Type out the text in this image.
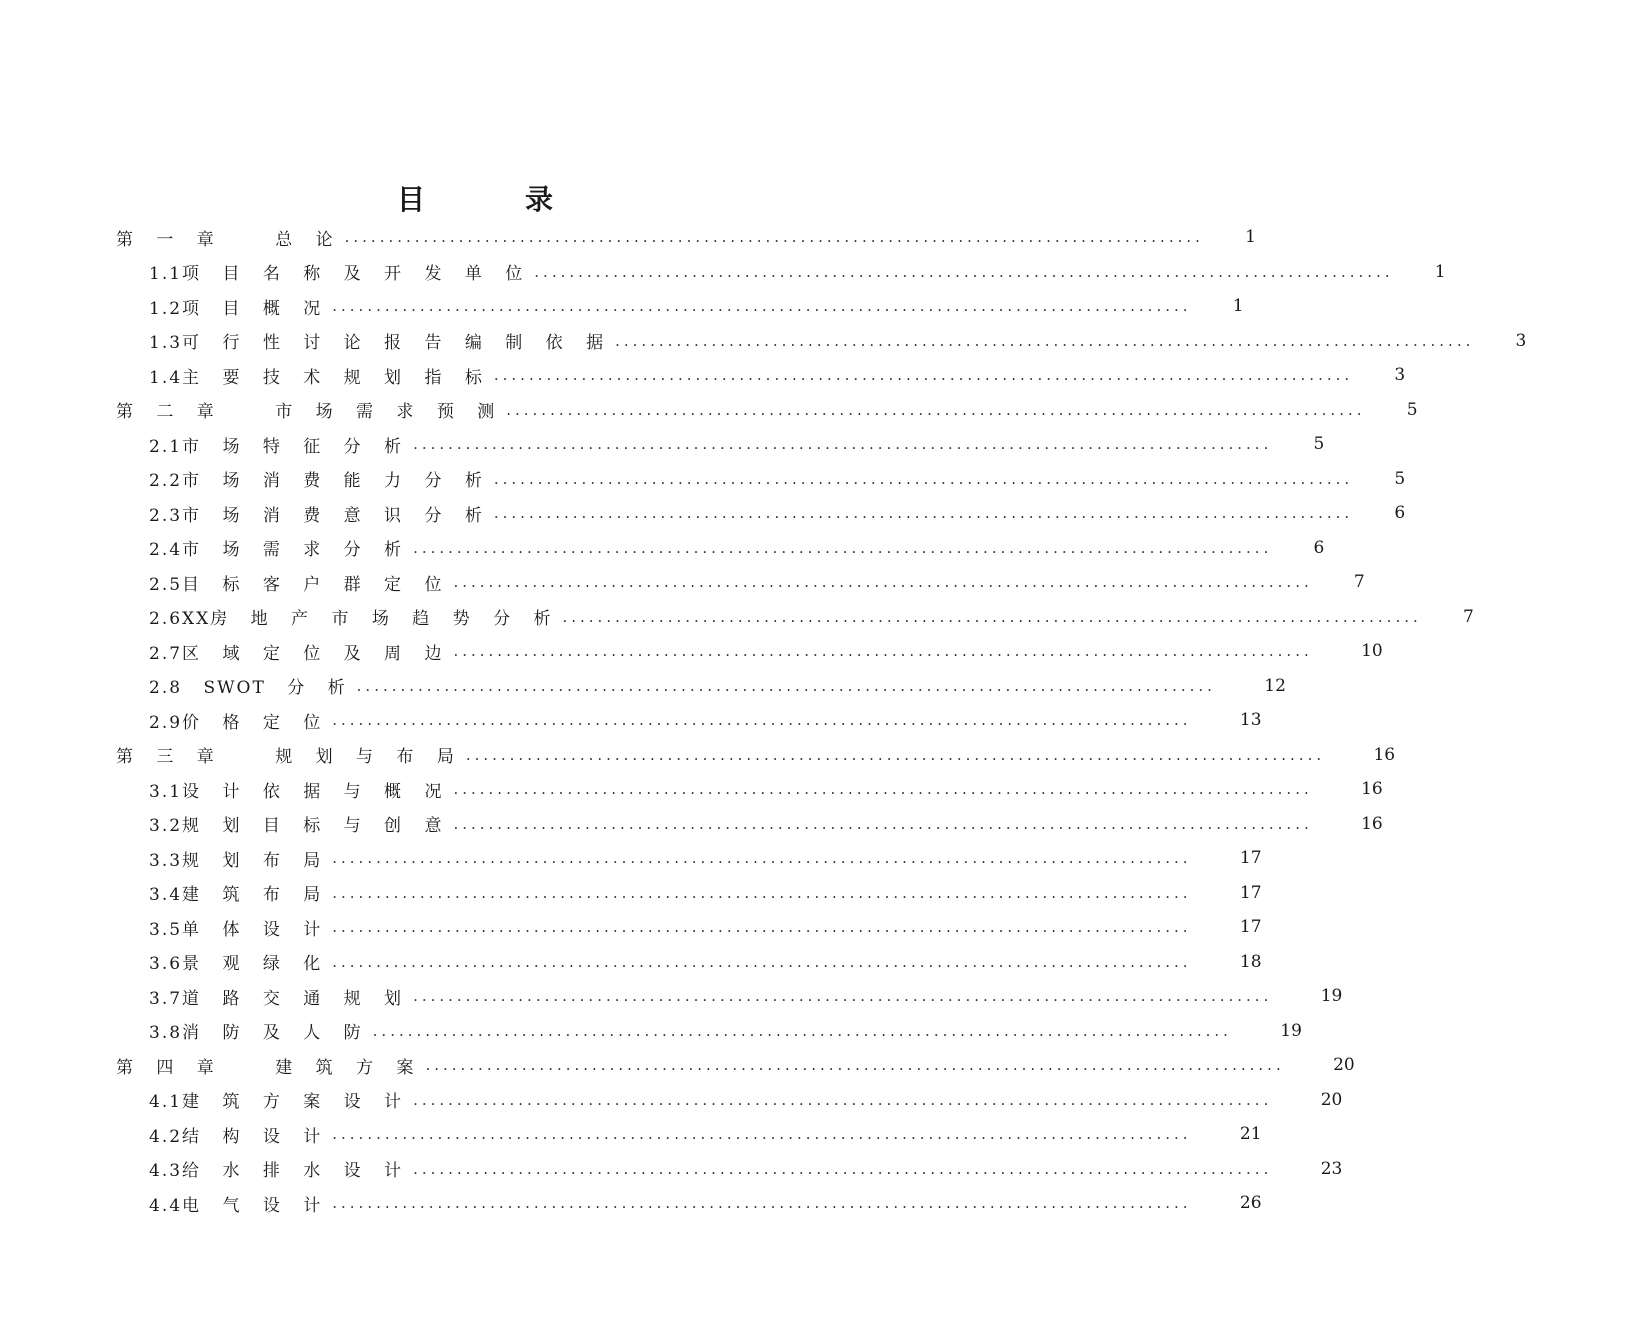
目　录
第 一 章　　 总 论 ..................................................................................................	1
1.1项 目 名 称 及 开 发 单 位 ..................................................................................................	1
1.2项 目 概 况 ..................................................................................................	1
1.3可 行 性 讨 论 报 告 编 制 依 据 ..................................................................................................	3
1.4主 要 技 术 规 划 指 标 ..................................................................................................	3
第 二 章　　 市 场 需 求 预 测 ..................................................................................................	5
2.1市 场 特 征 分 析 ..................................................................................................	5
2.2市 场 消 费 能 力 分 析 ..................................................................................................	5
2.3市 场 消 费 意 识 分 析 ..................................................................................................	6
2.4市 场 需 求 分 析 ..................................................................................................	6
2.5目 标 客 户 群 定 位 ..................................................................................................	7
2.6XX房 地 产 市 场 趋 势 分 析 ..................................................................................................	7
2.7区 域 定 位 及 周 边 ..................................................................................................	10
2.8 SWOT 分 析 ..................................................................................................	12
2.9价 格 定 位 ..................................................................................................	13
第 三 章　　 规 划 与 布 局 ..................................................................................................	16
3.1设 计 依 据 与 概 况 ..................................................................................................	16
3.2规 划 目 标 与 创 意 ..................................................................................................	16
3.3规 划 布 局 ..................................................................................................	17
3.4建 筑 布 局 ..................................................................................................	17
3.5单 体 设 计 ..................................................................................................	17
3.6景 观 绿 化 ..................................................................................................	18
3.7道 路 交 通 规 划 ..................................................................................................	19
3.8消 防 及 人 防 ..................................................................................................	19
第 四 章　　 建 筑 方 案 ..................................................................................................	20
4.1建 筑 方 案 设 计 ..................................................................................................	20
4.2结 构 设 计 ..................................................................................................	21
4.3给 水 排 水 设 计 ..................................................................................................	23
4.4电 气 设 计 ..................................................................................................	26
